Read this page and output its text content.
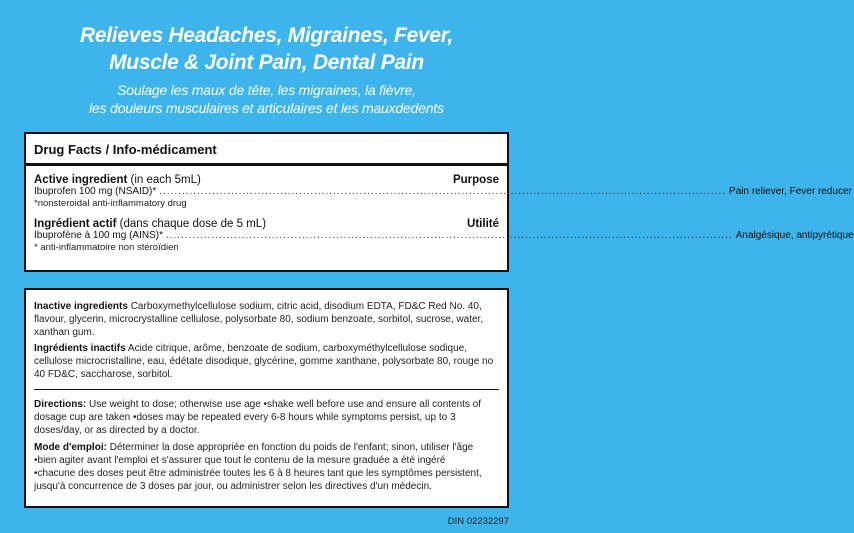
Relieves Headaches, Migraines, Fever,
Muscle & Joint Pain, Dental Pain
Soulage les maux de tête, les migraines, la fièvre,
les douleurs musculaires et articulaires et les mauxdedents
Drug Facts / Info-médicament
Active ingredient (in each 5mL)	Purpose
Ibuprofen 100 mg (NSAID)* ...................................................................................................................................................... Pain reliever, Fever reducer
*nonsteroidal anti-inflammatory drug
Ingrédient actif (dans chaque dose de 5 mL)	Utilité
Ibuprofène à 100 mg (AINS)* ...................................................................................................................................................... Analgésique, antipyrétique
* anti-inflammatoire non stéroïdien

Inactive ingredients Carboxymethylcellulose sodium, citric acid, disodium EDTA, FD&C Red No. 40, flavour, glycerin, microcrystalline cellulose, polysorbate 80, sodium benzoate, sorbitol, sucrose, water, xanthan gum.

Ingrédients inactifs Acide citrique, arôme, benzoate de sodium, carboxyméthylcellulose sodique, cellulose microcristalline, eau, édétate disodique, glycérine, gomme xanthane, polysorbate 80, rouge no 40 FD&C, saccharose, sorbitol.

Directions: Use weight to dose; otherwise use age •shake well before use and ensure all contents of dosage cup are taken •doses may be repeated every 6-8 hours while symptoms persist, up to 3 doses/day, or as directed by a doctor.

Mode d'emploi: Déterminer la dose appropriée en fonction du poids de l'enfant; sinon, utiliser l'âge

•bien agiter avant l'emploi et s'assurer que tout le contenu de la mesure graduée a été ingéré

•chacune des doses peut être administrée toutes les 6 à 8 heures tant que les symptômes persistent, jusqu'à concurrence de 3 doses par jour, ou administrer selon les directives d'un médecin.

DIN 02232297
